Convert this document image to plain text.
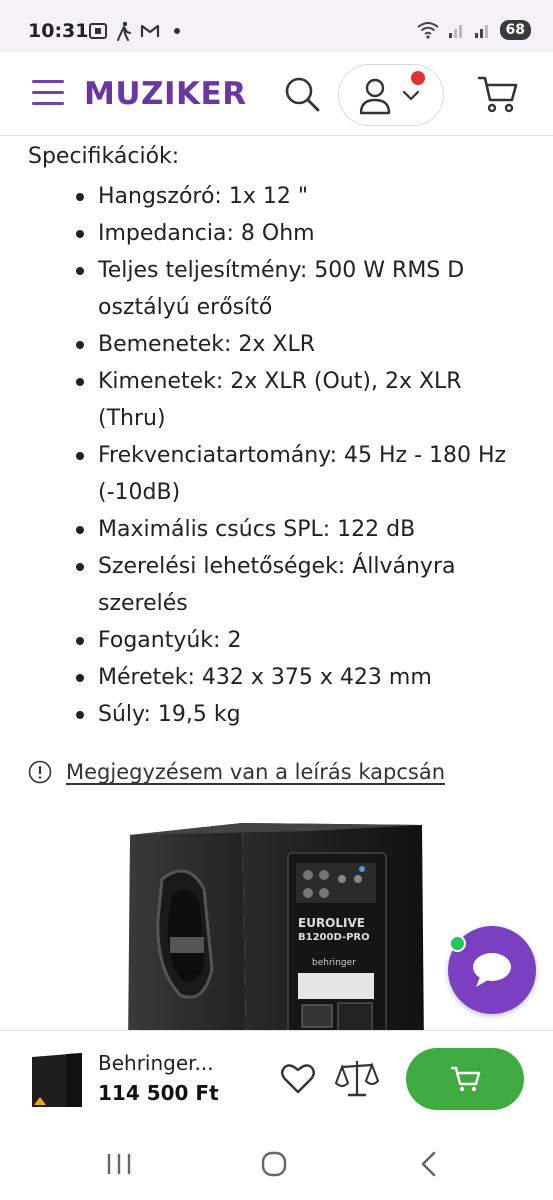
10:31	68
MUZIKER
Specifikációk:
Hangszóró: 1x 12 "
Impedancia: 8 Ohm
Teljes teljesítmény: 500 W RMS D osztályú erősítő
Bemenetek: 2x XLR
Kimenetek: 2x XLR (Out), 2x XLR (Thru)
Frekvenciatartomány: 45 Hz - 180 Hz (-10dB)
Maximális csúcs SPL: 122 dB
Szerelési lehetőségek: Állványra szerelés
Fogantyúk: 2
Méretek: 432 x 375 x 423 mm
Súly: 19,5 kg
Megjegyzésem van a leírás kapcsán
EUROLIVE
B1200D-PRO
behringer
Behringer...
114 500 Ft
